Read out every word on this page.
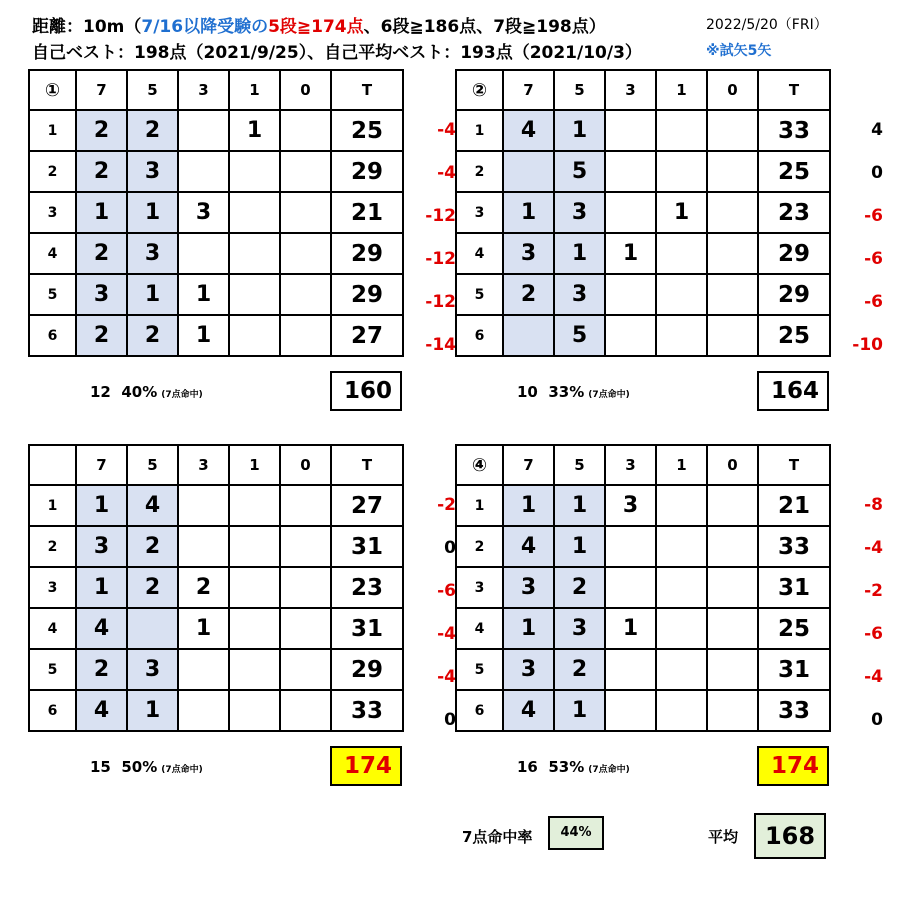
距離：10m（7/16以降受験の5段≧174点、6段≧186点、7段≧198点）
自己ベスト：198点（2021/9/25）、自己平均ベスト：193点（2021/10/3）
2022/5/20（FRI）
※試矢5矢
-4
-4
-12
-12
-12
-14
①	7	5	3	1	0	T
1	2	2		1		25
2	2	3				29
3	1	1	3			21
4	2	3				29
5	3	1	1			29
6	2	2	1			27
12 40% (7点命中)	160
4
0
-6
-6
-6
-10
②	7	5	3	1	0	T
1	4	1				33
2		5				25
3	1	3		1		23
4	3	1	1			29
5	2	3				29
6		5				25
10 33% (7点命中)	164
-2
0
-6
-4
-4
0
	7	5	3	1	0	T
1	1	4				27
2	3	2				31
3	1	2	2			23
4	4		1			31
5	2	3				29
6	4	1				33
15 50% (7点命中)	174
-8
-4
-2
-6
-4
0
④	7	5	3	1	0	T
1	1	1	3			21
2	4	1				33
3	3	2				31
4	1	3	1			25
5	3	2				31
6	4	1				33
16 53% (7点命中)	174
7点命中率	44%	平均	168
